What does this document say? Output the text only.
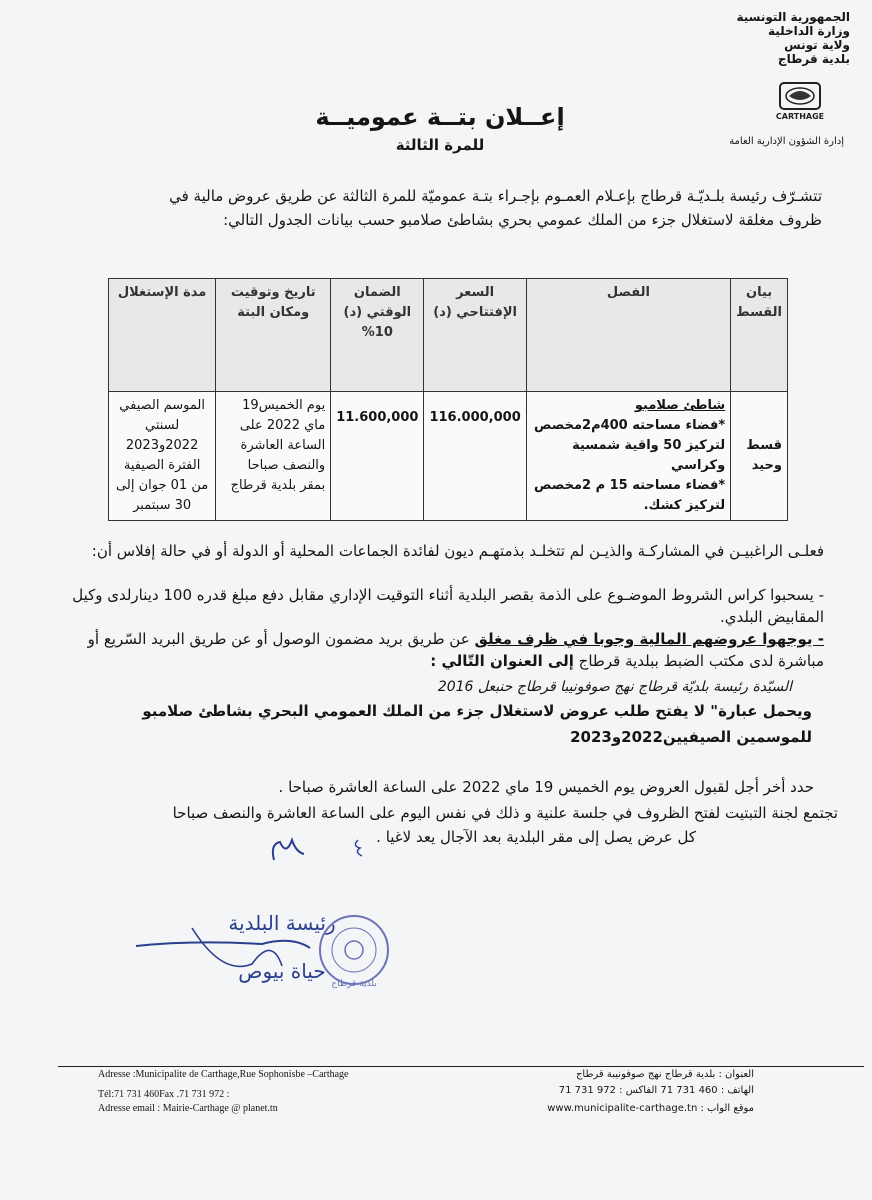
الجمهورية التونسية
وزارة الداخلية
ولاية تونس
بلدية قرطاج
CARTHAGE
إدارة الشؤون الإدارية العامة
إعــلان بتــة عموميــة
للمرة الثالثة
تتشـرّف رئيسة بلـديّـة قرطاج بإعـلام العمـوم بإجـراء بتـة عموميّة للمرة الثالثة عن طريق عروض مالية في ظروف مغلقة لاستغلال جزء من الملك عمومي بحري بشاطئ صلامبو حسب بيانات الجدول التالي:
بيان القسط	الفصل	السعر الإفتتاحي (د)	الضمان الوقتي (د) 10%	تاريخ وتوقيت ومكان البتة	مدة الإستغلال
قسط وحيد	شاطئ صلامبو
*فضاء مساحته 400م2مخصص لتركيز 50 واقية شمسية وكراسي
*فضاء مساحته 15 م 2مخصص لتركيز كشك.	116.000,000	11.600,000	يوم الخميس19 ماي 2022 على الساعة العاشرة والنصف صباحا بمقر بلدية قرطاج	الموسم الصيفي لسنتي 2022و2023 الفترة الصيفية من 01 جوان إلى 30 سبتمبر
فعلـى الراغبيـن في المشاركـة والذيـن لم تتخلـد بذمتهـم ديون لفائدة الجماعات المحلية أو الدولة أو في حالة إفلاس أن:
- يسحبوا كراس الشروط الموضـوع على الذمة بقصر البلدية أثناء التوقيت الإداري مقابل دفع مبلغ قدره 100 دينارلدى وكيل المقابيض البلدي.
- يوجهوا عروضهم المالية وجوبا في ظرف مغلق عن طريق بريد مضمون الوصول أو عن طريق البريد السّريع أو مباشرة لدى مكتب الضبط ببلدية قرطاج إلى العنوان التّالي :
السيّدة رئيسة بلديّة قرطاج نهج صوفونيبا قرطاج حنبعل 2016
ويحمل عبارة" لا يفتح طلب عروض لاستغلال جزء من الملك العمومي البحري بشاطئ صلامبو للموسمين الصيفيين2022و2023
حدد أخر أجل لقبول العروض يوم الخميس 19 ماي 2022 على الساعة العاشرة صباحا .
تجتمع لجنة التبتيت لفتح الظروف في جلسة علنية و ذلك في نفس اليوم على الساعة العاشرة والنصف صباحا
كل عرض يصل إلى مقر البلدية بعد الآجال يعد لاغيا .
رئيسة البلدية
حياة بيوص
بلدية قرطاج
Adresse :Municipalite de Carthage,Rue Sophonisbe –Carthage
Tél:71 731 460Fax .71 731 972 :
Adresse email : Mairie-Carthage @ planet.tn
العنوان : بلدية قرطاج نهج صوفونيبة قرطاج
الهاتف : 460 731 71 الفاكس : 972 731 71
موقع الواب : www.municipalite-carthage.tn
